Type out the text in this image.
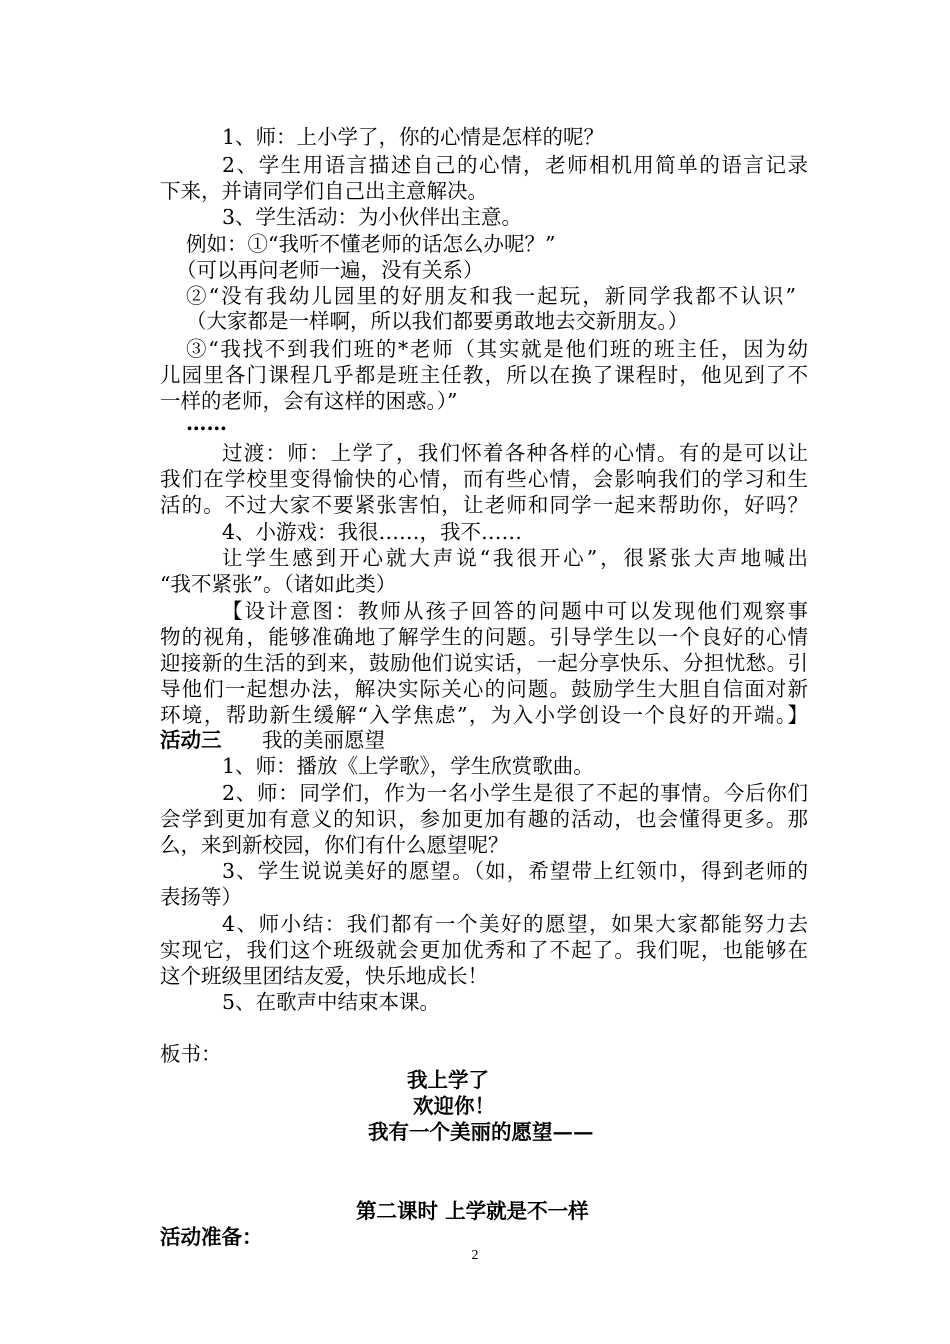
1、师：上小学了，你的心情是怎样的呢？
2、学生用语言描述自己的心情，老师相机用简单的语言记录
下来，并请同学们自己出主意解决。
3、学生活动：为小伙伴出主意。
例如：①“我听不懂老师的话怎么办呢？”
（可以再问老师一遍，没有关系）
②“没有我幼儿园里的好朋友和我一起玩，新同学我都不认识”
（大家都是一样啊，所以我们都要勇敢地去交新朋友。）
③“我找不到我们班的*老师（其实就是他们班的班主任，因为幼
儿园里各门课程几乎都是班主任教，所以在换了课程时，他见到了不
一样的老师，会有这样的困惑。）”
……
过渡：师：上学了，我们怀着各种各样的心情。有的是可以让
我们在学校里变得愉快的心情，而有些心情，会影响我们的学习和生
活的。不过大家不要紧张害怕，让老师和同学一起来帮助你，好吗？
4、小游戏：我很……，我不……
让学生感到开心就大声说“我很开心”，很紧张大声地喊出
“我不紧张”。（诸如此类）
【设计意图：教师从孩子回答的问题中可以发现他们观察事
物的视角，能够准确地了解学生的问题。引导学生以一个良好的心情
迎接新的生活的到来，鼓励他们说实话，一起分享快乐、分担忧愁。引
导他们一起想办法，解决实际关心的问题。鼓励学生大胆自信面对新
环境，帮助新生缓解“入学焦虑”，为入小学创设一个良好的开端。】
活动三 我的美丽愿望
1、师：播放《上学歌》，学生欣赏歌曲。
2、师：同学们，作为一名小学生是很了不起的事情。今后你们
会学到更加有意义的知识，参加更加有趣的活动，也会懂得更多。那
么，来到新校园，你们有什么愿望呢？
3、学生说说美好的愿望。（如，希望带上红领巾，得到老师的
表扬等）
4、师小结：我们都有一个美好的愿望，如果大家都能努力去
实现它，我们这个班级就会更加优秀和了不起了。我们呢，也能够在
这个班级里团结友爱，快乐地成长！
5、在歌声中结束本课。
板书：
我上学了
欢迎你！
我有一个美丽的愿望——
第二课时 上学就是不一样
活动准备：
2
